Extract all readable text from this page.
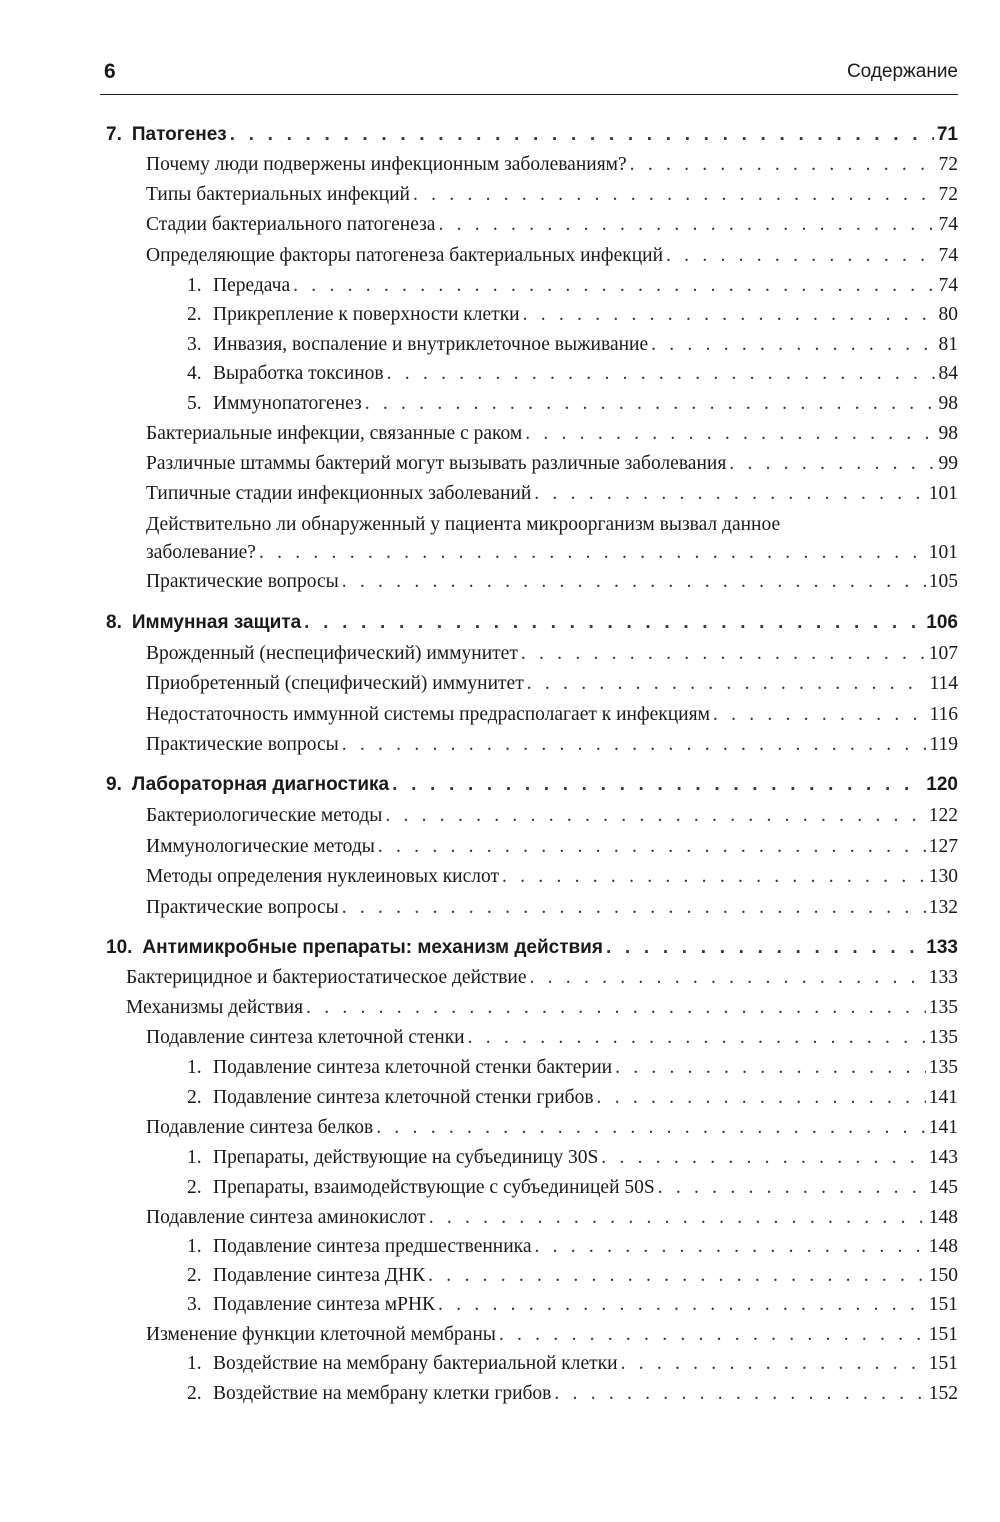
6	Содержание
7. Патогенез . . .	71
Почему люди подвержены инфекционным заболеваниям? . . .	72
Типы бактериальных инфекций . . .	72
Стадии бактериального патогенеза . . .	74
Определяющие факторы патогенеза бактериальных инфекций . . .	74
1. Передача . . .	74
2. Прикрепление к поверхности клетки . . .	80
3. Инвазия, воспаление и внутриклеточное выживание . . .	81
4. Выработка токсинов . . .	84
5. Иммунопатогенез . . .	98
Бактериальные инфекции, связанные с раком . . .	98
Различные штаммы бактерий могут вызывать различные заболевания . . .	99
Типичные стадии инфекционных заболеваний . . .	101
Действительно ли обнаруженный у пациента микроорганизм вызвал данное
заболевание? . . .	101
Практические вопросы . . .	105
8. Иммунная защита . . .	106
Врожденный (неспецифический) иммунитет . . .	107
Приобретенный (специфический) иммунитет . . .	114
Недостаточность иммунной системы предрасполагает к инфекциям . . .	116
Практические вопросы . . .	119
9. Лабораторная диагностика . . .	120
Бактериологические методы . . .	122
Иммунологические методы . . .	127
Методы определения нуклеиновых кислот . . .	130
Практические вопросы . . .	132
10. Антимикробные препараты: механизм действия . . .	133
Бактерицидное и бактериостатическое действие . . .	133
Механизмы действия . . .	135
Подавление синтеза клеточной стенки . . .	135
1. Подавление синтеза клеточной стенки бактерии . . .	135
2. Подавление синтеза клеточной стенки грибов . . .	141
Подавление синтеза белков . . .	141
1. Препараты, действующие на субъединицу 30S . . .	143
2. Препараты, взаимодействующие с субъединицей 50S . . .	145
Подавление синтеза аминокислот . . .	148
1. Подавление синтеза предшественника . . .	148
2. Подавление синтеза ДНК . . .	150
3. Подавление синтеза мРНК . . .	151
Изменение функции клеточной мембраны . . .	151
1. Воздействие на мембрану бактериальной клетки . . .	151
2. Воздействие на мембрану клетки грибов . . .	152
